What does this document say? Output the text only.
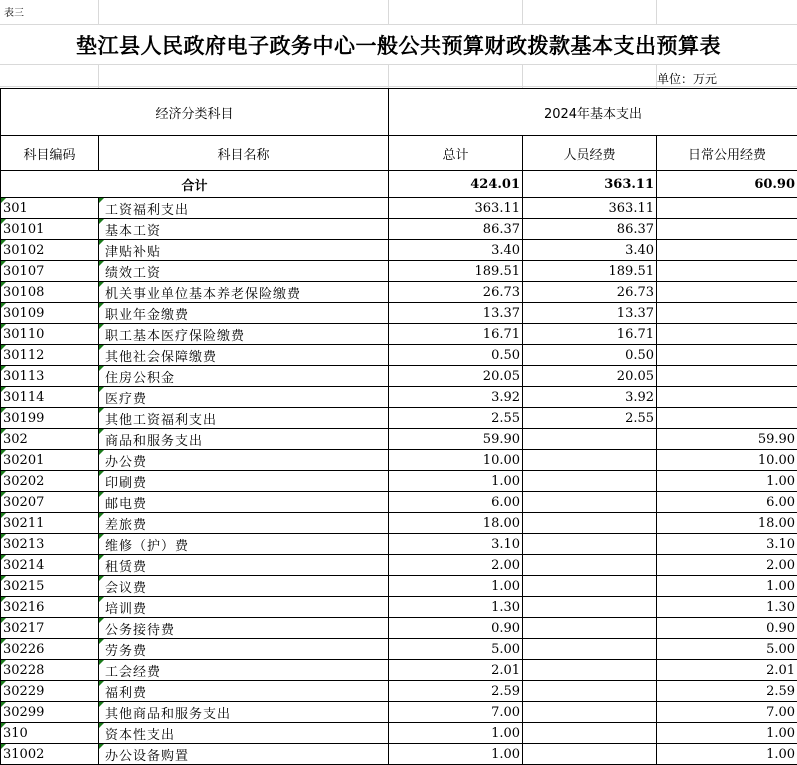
表三
垫江县人民政府电子政务中心一般公共预算财政拨款基本支出预算表
单位：万元
经济分类科目		2024年基本支出		
科目编码	科目名称	总计	人员经费	日常公用经费
合计		424.01	363.11	60.90

301	工资福利支出	363.11	363.11	

30101	基本工资	86.37	86.37	

30102	津贴补贴	3.40	3.40	

30107	绩效工资	189.51	189.51	

30108	机关事业单位基本养老保险缴费	26.73	26.73	

30109	职业年金缴费	13.37	13.37	

30110	职工基本医疗保险缴费	16.71	16.71	

30112	其他社会保障缴费	0.50	0.50	

30113	住房公积金	20.05	20.05	

30114	医疗费	3.92	3.92	

30199	其他工资福利支出	2.55	2.55	

302	商品和服务支出	59.90		59.90

30201	办公费	10.00		10.00

30202	印刷费	1.00		1.00

30207	邮电费	6.00		6.00

30211	差旅费	18.00		18.00

30213	维修（护）费	3.10		3.10

30214	租赁费	2.00		2.00

30215	会议费	1.00		1.00

30216	培训费	1.30		1.30

30217	公务接待费	0.90		0.90

30226	劳务费	5.00		5.00

30228	工会经费	2.01		2.01

30229	福利费	2.59		2.59

30299	其他商品和服务支出	7.00		7.00

310	资本性支出	1.00		1.00

31002	办公设备购置	1.00		1.00
